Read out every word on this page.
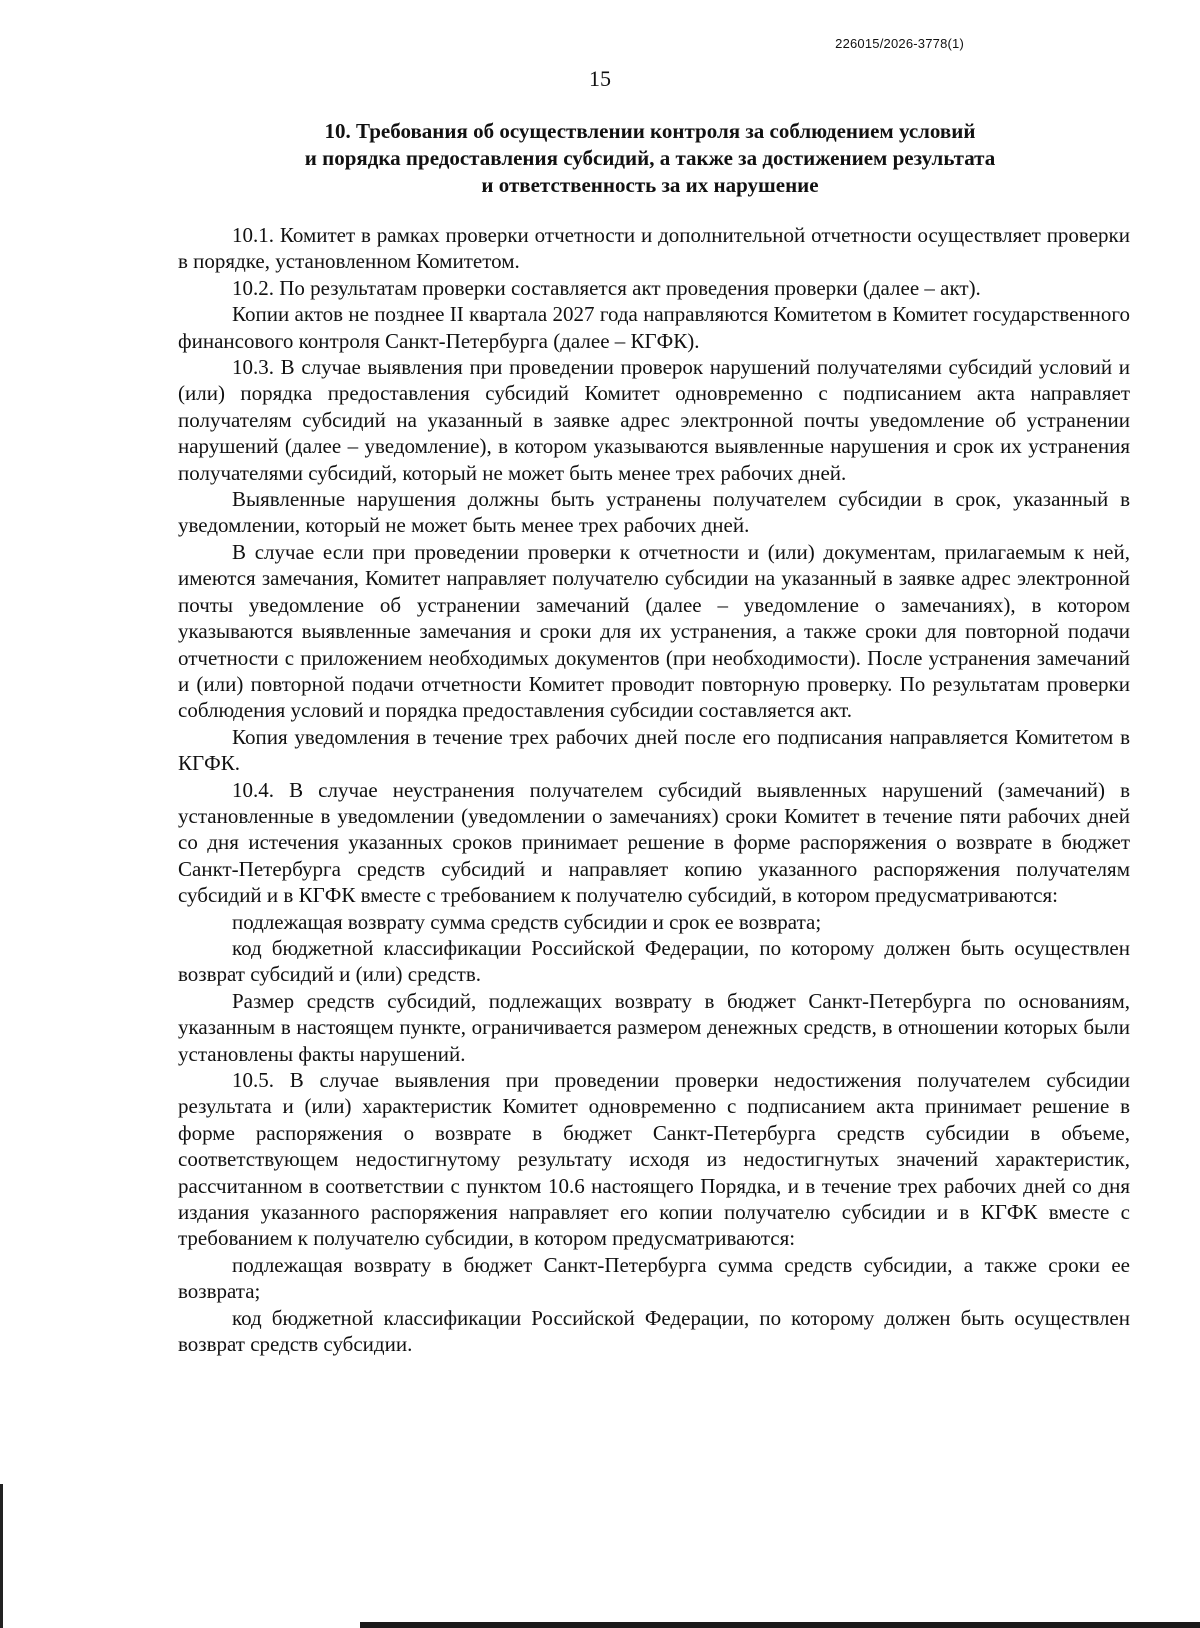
226015/2026-3778(1)
15
10. Требования об осуществлении контроля за соблюдением условий
и порядка предоставления субсидий, а также за достижением результата
и ответственность за их нарушение

10.1. Комитет в рамках проверки отчетности и дополнительной отчетности осуществляет проверки в порядке, установленном Комитетом.

10.2. По результатам проверки составляется акт проведения проверки (далее – акт).

Копии актов не позднее II квартала 2027 года направляются Комитетом в Комитет государственного финансового контроля Санкт-Петербурга (далее – КГФК).

10.3. В случае выявления при проведении проверок нарушений получателями субсидий условий и (или) порядка предоставления субсидий Комитет одновременно с подписанием акта направляет получателям субсидий на указанный в заявке адрес электронной почты уведомление об устранении нарушений (далее – уведомление), в котором указываются выявленные нарушения и срок их устранения получателями субсидий, который не может быть менее трех рабочих дней.

Выявленные нарушения должны быть устранены получателем субсидии в срок, указанный в уведомлении, который не может быть менее трех рабочих дней.

В случае если при проведении проверки к отчетности и (или) документам, прилагаемым к ней, имеются замечания, Комитет направляет получателю субсидии на указанный в заявке адрес электронной почты уведомление об устранении замечаний (далее – уведомление о замечаниях), в котором указываются выявленные замечания и сроки для их устранения, а также сроки для повторной подачи отчетности с приложением необходимых документов (при необходимости). После устранения замечаний и (или) повторной подачи отчетности Комитет проводит повторную проверку. По результатам проверки соблюдения условий и порядка предоставления субсидии составляется акт.

Копия уведомления в течение трех рабочих дней после его подписания направляется Комитетом в КГФК.

10.4. В случае неустранения получателем субсидий выявленных нарушений (замечаний) в установленные в уведомлении (уведомлении о замечаниях) сроки Комитет в течение пяти рабочих дней со дня истечения указанных сроков принимает решение в форме распоряжения о возврате в бюджет Санкт-Петербурга средств субсидий и направляет копию указанного распоряжения получателям субсидий и в КГФК вместе с требованием к получателю субсидий, в котором предусматриваются:

подлежащая возврату сумма средств субсидии и срок ее возврата;

код бюджетной классификации Российской Федерации, по которому должен быть осуществлен возврат субсидий и (или) средств.

Размер средств субсидий, подлежащих возврату в бюджет Санкт-Петербурга по основаниям, указанным в настоящем пункте, ограничивается размером денежных средств, в отношении которых были установлены факты нарушений.

10.5. В случае выявления при проведении проверки недостижения получателем субсидии результата и (или) характеристик Комитет одновременно с подписанием акта принимает решение в форме распоряжения о возврате в бюджет Санкт-Петербурга средств субсидии в объеме, соответствующем недостигнутому результату исходя из недостигнутых значений характеристик, рассчитанном в соответствии с пунктом 10.6 настоящего Порядка, и в течение трех рабочих дней со дня издания указанного распоряжения направляет его копии получателю субсидии и в КГФК вместе с требованием к получателю субсидии, в котором предусматриваются:

подлежащая возврату в бюджет Санкт-Петербурга сумма средств субсидии, а также сроки ее возврата;

код бюджетной классификации Российской Федерации, по которому должен быть осуществлен возврат средств субсидии.
